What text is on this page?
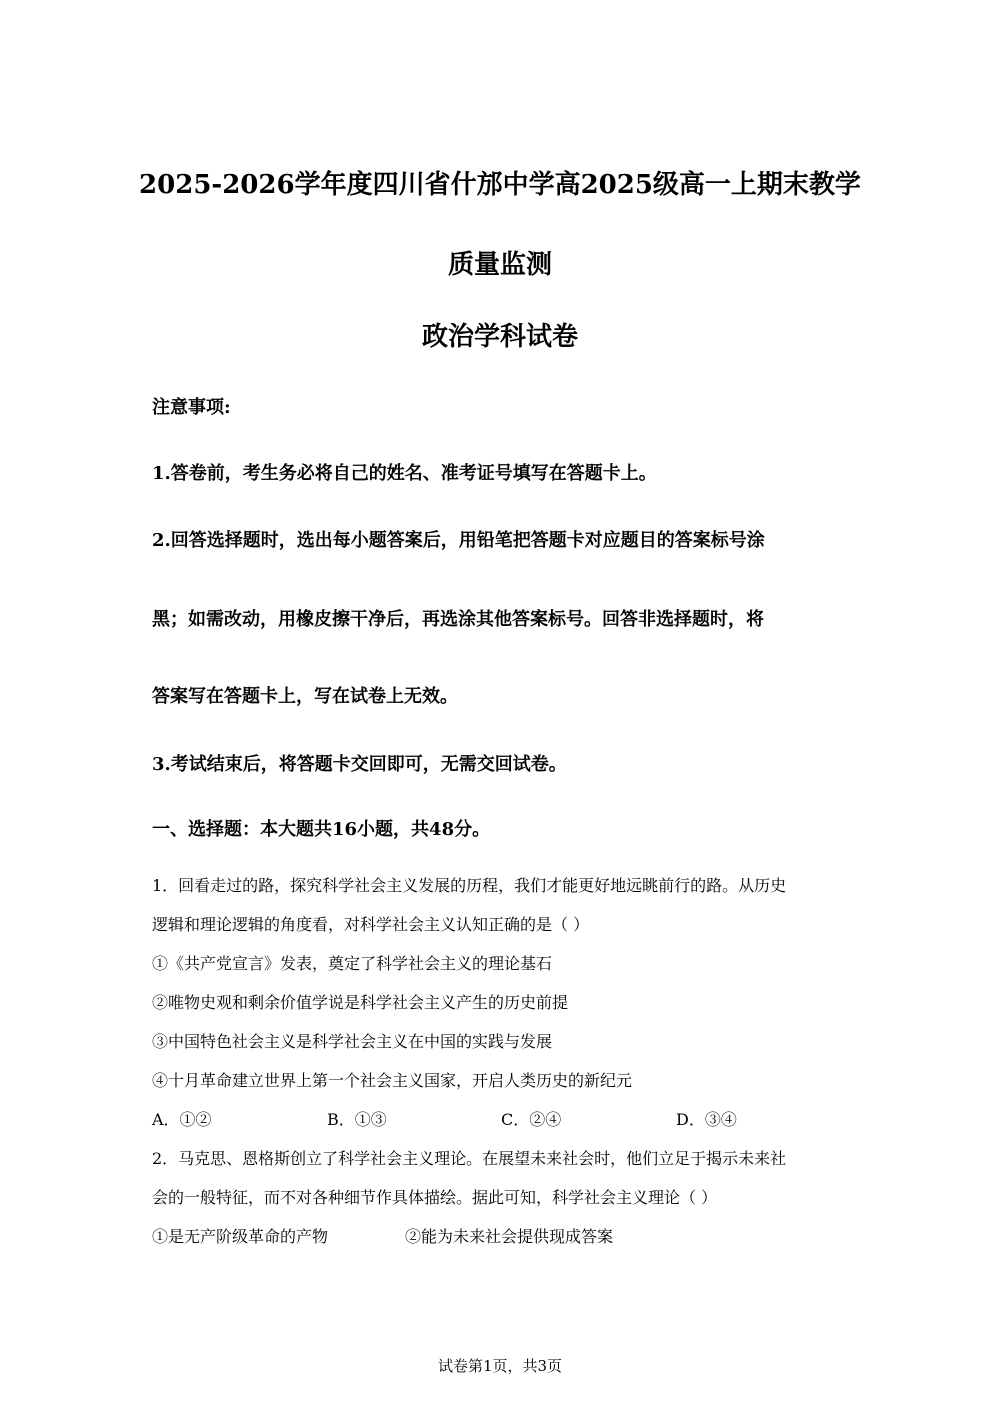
2025-2026学年度四川省什邡中学高2025级高一上期末教学
质量监测
政治学科试卷
注意事项:
1.答卷前，考生务必将自己的姓名、准考证号填写在答题卡上。
2.回答选择题时，选出每小题答案后，用铅笔把答题卡对应题目的答案标号涂
黑；如需改动，用橡皮擦干净后，再选涂其他答案标号。回答非选择题时，将
答案写在答题卡上，写在试卷上无效。
3.考试结束后，将答题卡交回即可，无需交回试卷。
一、选择题：本大题共16小题，共48分。
1．回看走过的路，探究科学社会主义发展的历程，我们才能更好地远眺前行的路。从历史
逻辑和理论逻辑的角度看，对科学社会主义认知正确的是（ ）
①《共产党宣言》发表，奠定了科学社会主义的理论基石
②唯物史观和剩余价值学说是科学社会主义产生的历史前提
③中国特色社会主义是科学社会主义在中国的实践与发展
④十月革命建立世界上第一个社会主义国家，开启人类历史的新纪元
A．①②	B．①③	C．②④	D．③④
2．马克思、恩格斯创立了科学社会主义理论。在展望未来社会时，他们立足于揭示未来社
会的一般特征，而不对各种细节作具体描绘。据此可知，科学社会主义理论（ ）
①是无产阶级革命的产物	②能为未来社会提供现成答案
试卷第1页，共3页
